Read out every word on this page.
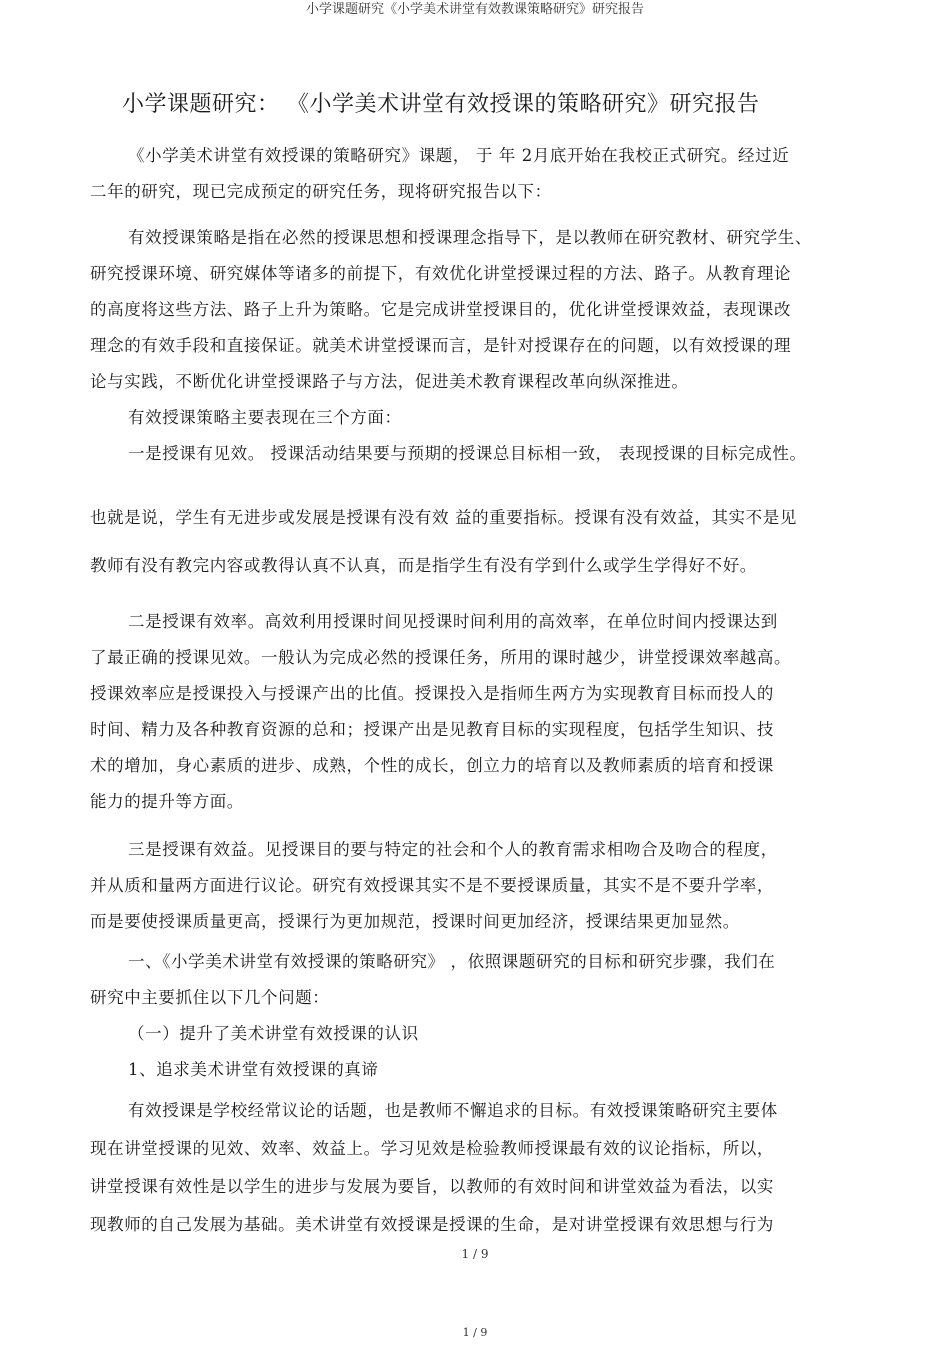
小学课题研究《小学美术讲堂有效教课策略研究》研究报告
小学课题研究： 《小学美术讲堂有效授课的策略研究》研究报告

《小学美术讲堂有效授课的策略研究》课题， 于 年 2月底开始在我校正式研究。经过近

二年的研究，现已完成预定的研究任务，现将研究报告以下：

有效授课策略是指在必然的授课思想和授课理念指导下，是以教师在研究教材、研究学生、

研究授课环境、研究媒体等诸多的前提下，有效优化讲堂授课过程的方法、路子。从教育理论

的高度将这些方法、路子上升为策略。它是完成讲堂授课目的，优化讲堂授课效益，表现课改

理念的有效手段和直接保证。就美术讲堂授课而言，是针对授课存在的问题，以有效授课的理

论与实践，不断优化讲堂授课路子与方法，促进美术教育课程改革向纵深推进。

有效授课策略主要表现在三个方面：

一是授课有见效。 授课活动结果要与预期的授课总目标相一致， 表现授课的目标完成性。

也就是说，学生有无进步或发展是授课有没有效 益的重要指标。授课有没有效益，其实不是见

教师有没有教完内容或教得认真不认真，而是指学生有没有学到什么或学生学得好不好。

二是授课有效率。高效利用授课时间见授课时间利用的高效率，在单位时间内授课达到

了最正确的授课见效。一般认为完成必然的授课任务，所用的课时越少，讲堂授课效率越高。

授课效率应是授课投入与授课产出的比值。授课投入是指师生两方为实现教育目标而投人的

时间、精力及各种教育资源的总和；授课产出是见教育目标的实现程度，包括学生知识、技

术的增加，身心素质的进步、成熟，个性的成长，创立力的培育以及教师素质的培育和授课

能力的提升等方面。

三是授课有效益。见授课目的要与特定的社会和个人的教育需求相吻合及吻合的程度，

并从质和量两方面进行议论。研究有效授课其实不是不要授课质量，其实不是不要升学率，

而是要使授课质量更高，授课行为更加规范，授课时间更加经济，授课结果更加显然。

一、《小学美术讲堂有效授课的策略研究》 ，依照课题研究的目标和研究步骤，我们在

研究中主要抓住以下几个问题：

（一）提升了美术讲堂有效授课的认识

1、追求美术讲堂有效授课的真谛

有效授课是学校经常议论的话题，也是教师不懈追求的目标。有效授课策略研究主要体

现在讲堂授课的见效、效率、效益上。学习见效是检验教师授课最有效的议论指标，所以，

讲堂授课有效性是以学生的进步与发展为要旨，以教师的有效时间和讲堂效益为看法，以实

现教师的自己发展为基础。美术讲堂有效授课是授课的生命，是对讲堂授课有效思想与行为

1 / 9
1 / 9
